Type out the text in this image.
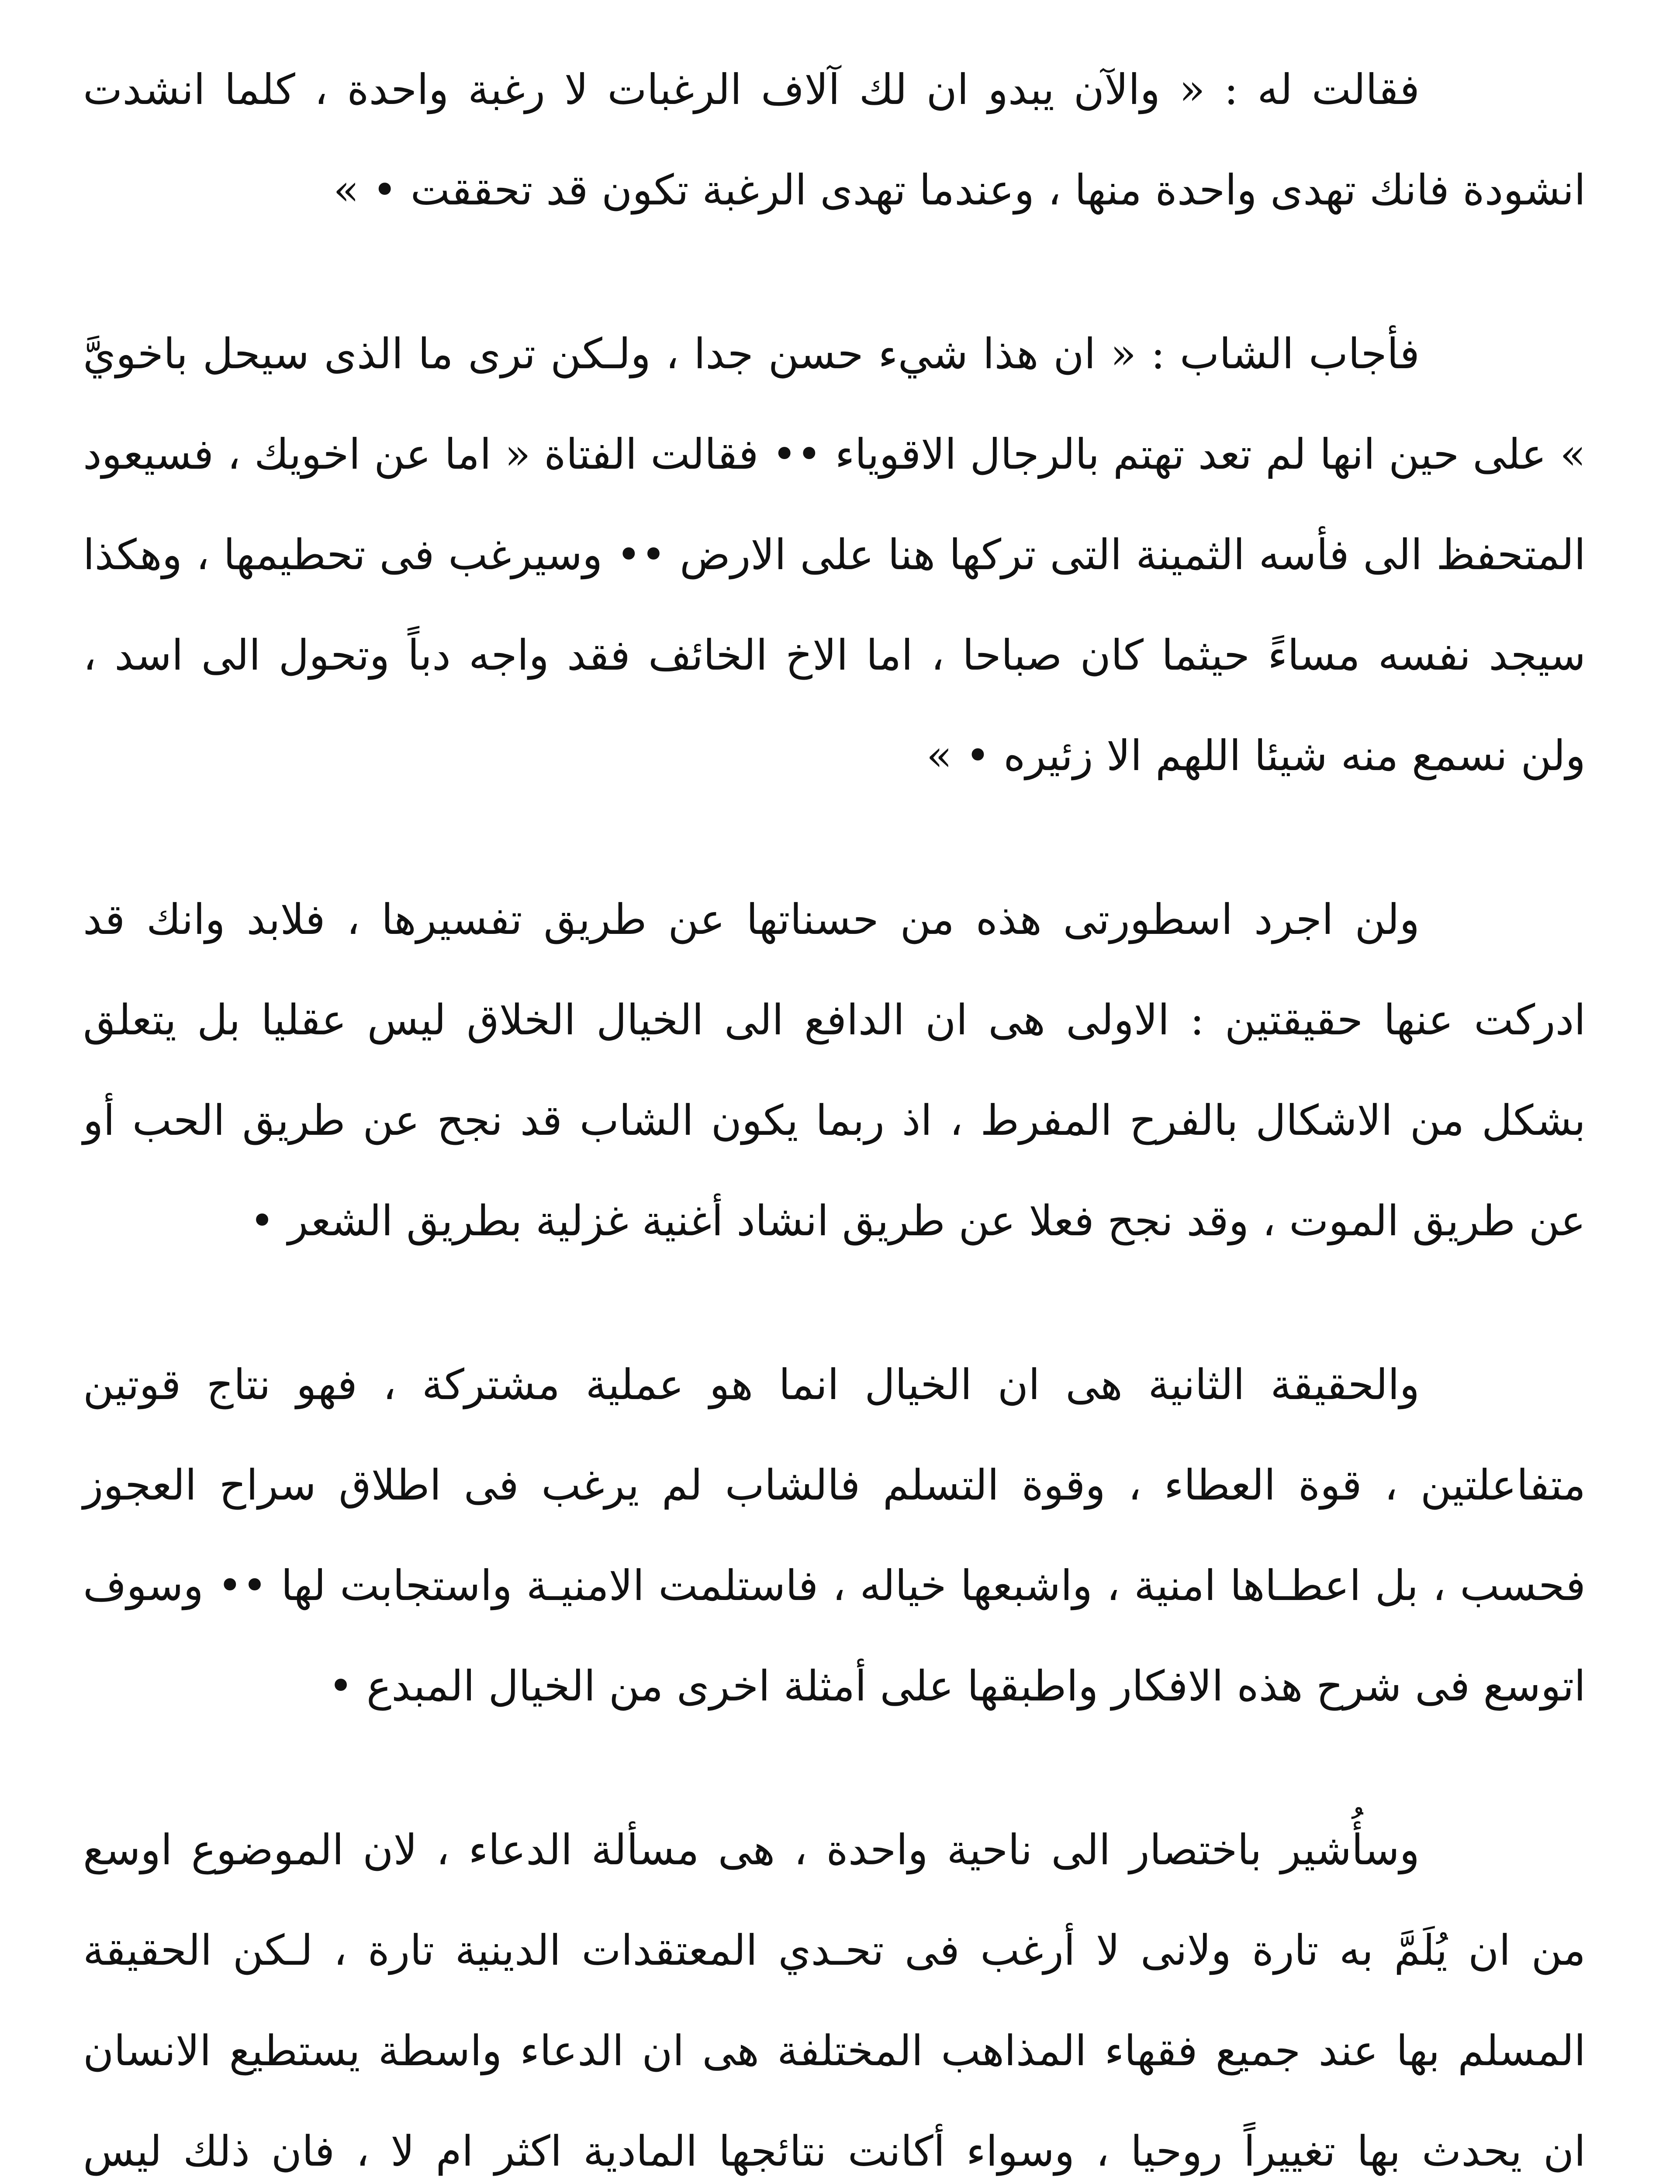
فقالت له : « والآن يبدو ان لك آلاف الرغبات لا رغبة واحدة ، كلما انشدت انشودة فانك تهدى واحدة منها ، وعندما تهدى الرغبة تكون قد تحققت • »

فأجاب الشاب : « ان هذا شيء حسن جدا ، ولـكن ترى ما الذى سيحل باخويَّ » على حين انها لم تعد تهتم بالرجال الاقوياء •• فقالت الفتاة « اما عن اخويك ، فسيعود المتحفظ الى فأسه الثمينة التى تركها هنا على الارض •• وسيرغب فى تحطيمها ، وهكذا سيجد نفسه مساءً حيثما كان صباحا ، اما الاخ الخائف فقد واجه دباً وتحول الى اسد ، ولن نسمع منه شيئا اللهم الا زئيره • »

ولن اجرد اسطورتى هذه من حسناتها عن طريق تفسيرها ، فلابد وانك قد ادركت عنها حقيقتين : الاولى هى ان الدافع الى الخيال الخلاق ليس عقليا بل يتعلق بشكل من الاشكال بالفرح المفرط ، اذ ربما يكون الشاب قد نجح عن طريق الحب أو عن طريق الموت ، وقد نجح فعلا عن طريق انشاد أغنية غزلية بطريق الشعر •

والحقيقة الثانية هى ان الخيال انما هو عملية مشتركة ، فهو نتاج قوتين متفاعلتين ، قوة العطاء ، وقوة التسلم فالشاب لم يرغب فى اطلاق سراح العجوز فحسب ، بل اعطـاها امنية ، واشبعها خياله ، فاستلمت الامنيـة واستجابت لها •• وسوف اتوسع فى شرح هذه الافكار واطبقها على أمثلة اخرى من الخيال المبدع •

وسأُشير باختصار الى ناحية واحدة ، هى مسألة الدعاء ، لان الموضوع اوسع من ان يُلَمَّ به تارة ولانى لا أرغب فى تحـدي المعتقدات الدينية تارة ، لـكن الحقيقة المسلم بها عند جميع فقهاء المذاهب المختلفة هى ان الدعاء واسطة يستطيع الانسان ان يحدث بها تغييراً روحيا ، وسواء أكانت نتائجها المادية اكثر ام لا ، فان ذلك ليس
